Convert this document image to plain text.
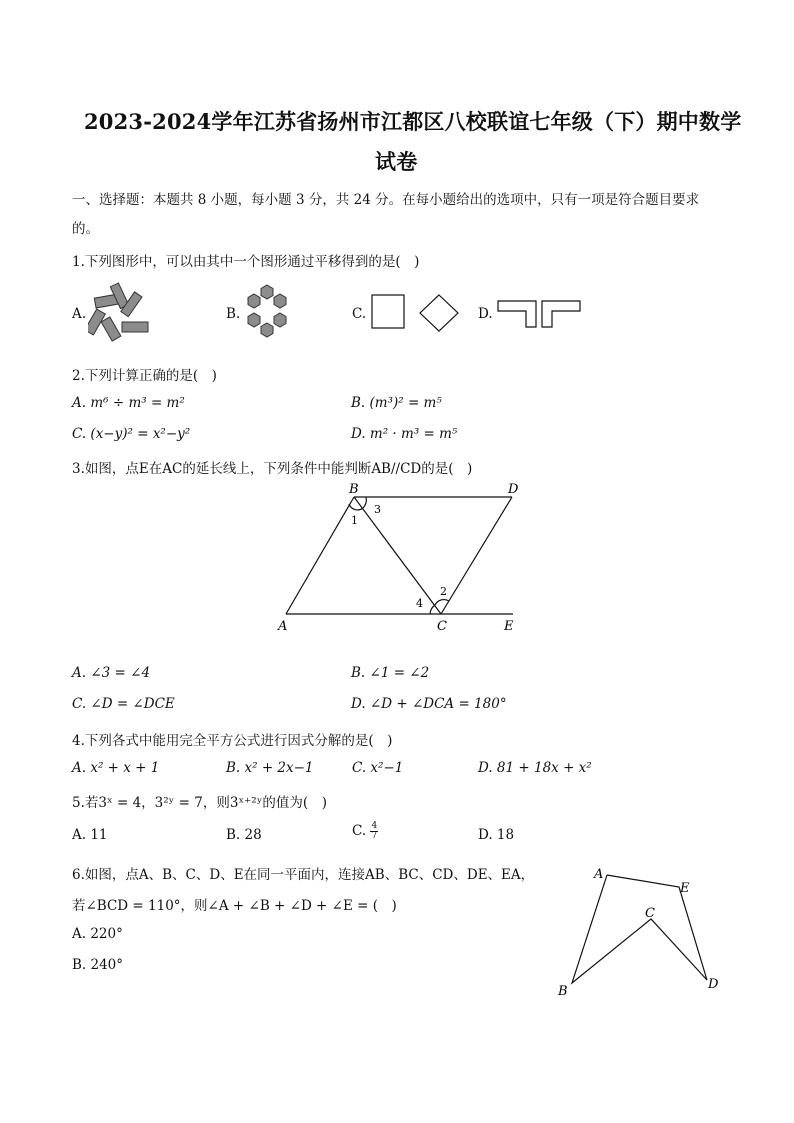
2023-2024学年江苏省扬州市江都区八校联谊七年级（下）期中数学
试卷
一、选择题：本题共 8 小题，每小题 3 分，共 24 分。在每小题给出的选项中，只有一项是符合题目要求
的。
1.下列图形中，可以由其中一个图形通过平移得到的是(　)
A.	B.	C.	D.
2.下列计算正确的是(　)
A. m⁶ ÷ m³ = m²	B. (m³)² = m⁵
C. (x−y)² = x²−y²	D. m² · m³ = m⁵
3.如图，点E在AC的延长线上，下列条件中能判断AB//CD的是(　)
B	D
A	C	E
1
2
3
4
A. ∠3 = ∠4	B. ∠1 = ∠2
C. ∠D = ∠DCE	D. ∠D + ∠DCA = 180°
4.下列各式中能用完全平方公式进行因式分解的是(　)
A. x² + x + 1	B. x² + 2x−1	C. x²−1	D. 81 + 18x + x²
5.若3ˣ = 4，3²ʸ = 7，则3ˣ⁺²ʸ的值为(　)
A. 11	B. 28	C. $\frac{4}{7}$	D. 18
6.如图，点A、B、C、D、E在同一平面内，连接AB、BC、CD、DE、EA，
若∠BCD = 110°，则∠A + ∠B + ∠D + ∠E = (　)
A. 220°
B. 240°
A
E
C
B	D
